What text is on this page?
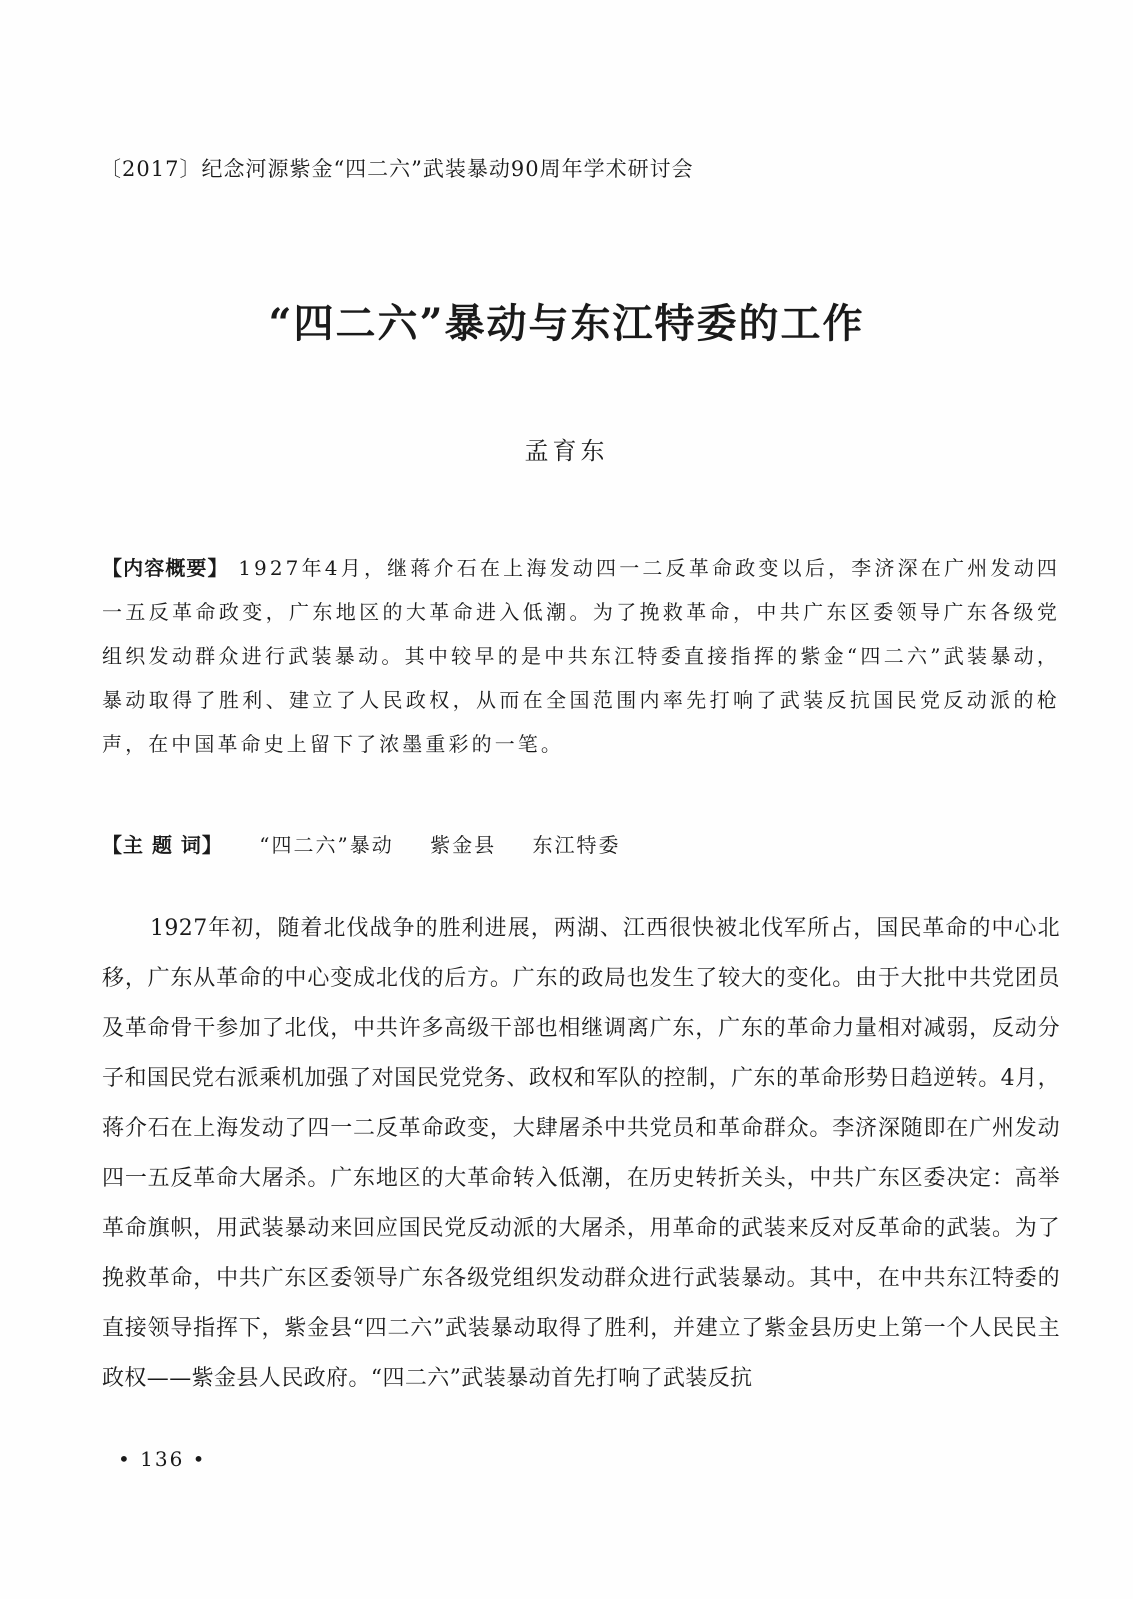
〔2017〕纪念河源紫金“四二六”武装暴动90周年学术研讨会
“四二六”暴动与东江特委的工作
孟育东
【内容概要】 1927年4月，继蒋介石在上海发动四一二反革命政变以后，李济深在广州发动四一五反革命政变，广东地区的大革命进入低潮。为了挽救革命，中共广东区委领导广东各级党组织发动群众进行武装暴动。其中较早的是中共东江特委直接指挥的紫金“四二六”武装暴动，暴动取得了胜利、建立了人民政权，从而在全国范围内率先打响了武装反抗国民党反动派的枪声，在中国革命史上留下了浓墨重彩的一笔。
【主 题 词】 “四二六”暴动 紫金县 东江特委

1927年初，随着北伐战争的胜利进展，两湖、江西很快被北伐军所占，国民革命的中心北移，广东从革命的中心变成北伐的后方。广东的政局也发生了较大的变化。由于大批中共党团员及革命骨干参加了北伐，中共许多高级干部也相继调离广东，广东的革命力量相对减弱，反动分子和国民党右派乘机加强了对国民党党务、政权和军队的控制，广东的革命形势日趋逆转。4月，蒋介石在上海发动了四一二反革命政变，大肆屠杀中共党员和革命群众。李济深随即在广州发动四一五反革命大屠杀。广东地区的大革命转入低潮，在历史转折关头，中共广东区委决定：高举革命旗帜，用武装暴动来回应国民党反动派的大屠杀，用革命的武装来反对反革命的武装。为了挽救革命，中共广东区委领导广东各级党组织发动群众进行武装暴动。其中，在中共东江特委的直接领导指挥下，紫金县“四二六”武装暴动取得了胜利，并建立了紫金县历史上第一个人民民主政权——紫金县人民政府。“四二六”武装暴动首先打响了武装反抗

• 136 •
